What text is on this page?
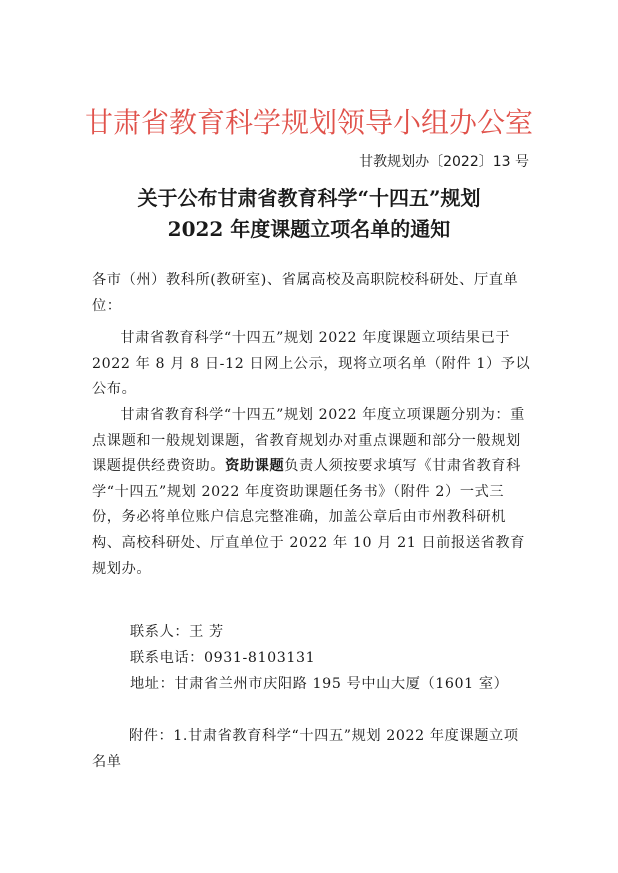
甘肃省教育科学规划领导小组办公室
甘教规划办〔2022〕13 号
关于公布甘肃省教育科学“十四五”规划
2022 年度课题立项名单的通知
各市（州）教科所(教研室)、省属高校及高职院校科研处、厅直单位：
甘肃省教育科学“十四五”规划 2022 年度课题立项结果已于 2022 年 8 月 8 日-12 日网上公示，现将立项名单（附件 1）予以公布。
甘肃省教育科学“十四五”规划 2022 年度立项课题分别为：重点课题和一般规划课题，省教育规划办对重点课题和部分一般规划课题提供经费资助。资助课题负责人须按要求填写《甘肃省教育科学“十四五”规划 2022 年度资助课题任务书》（附件 2）一式三份，务必将单位账户信息完整准确，加盖公章后由市州教科研机构、高校科研处、厅直单位于 2022 年 10 月 21 日前报送省教育规划办。
联系人：王 芳
联系电话：0931-8103131
地址：甘肃省兰州市庆阳路 195 号中山大厦（1601 室）
附件：1.甘肃省教育科学“十四五”规划 2022 年度课题立项名单
